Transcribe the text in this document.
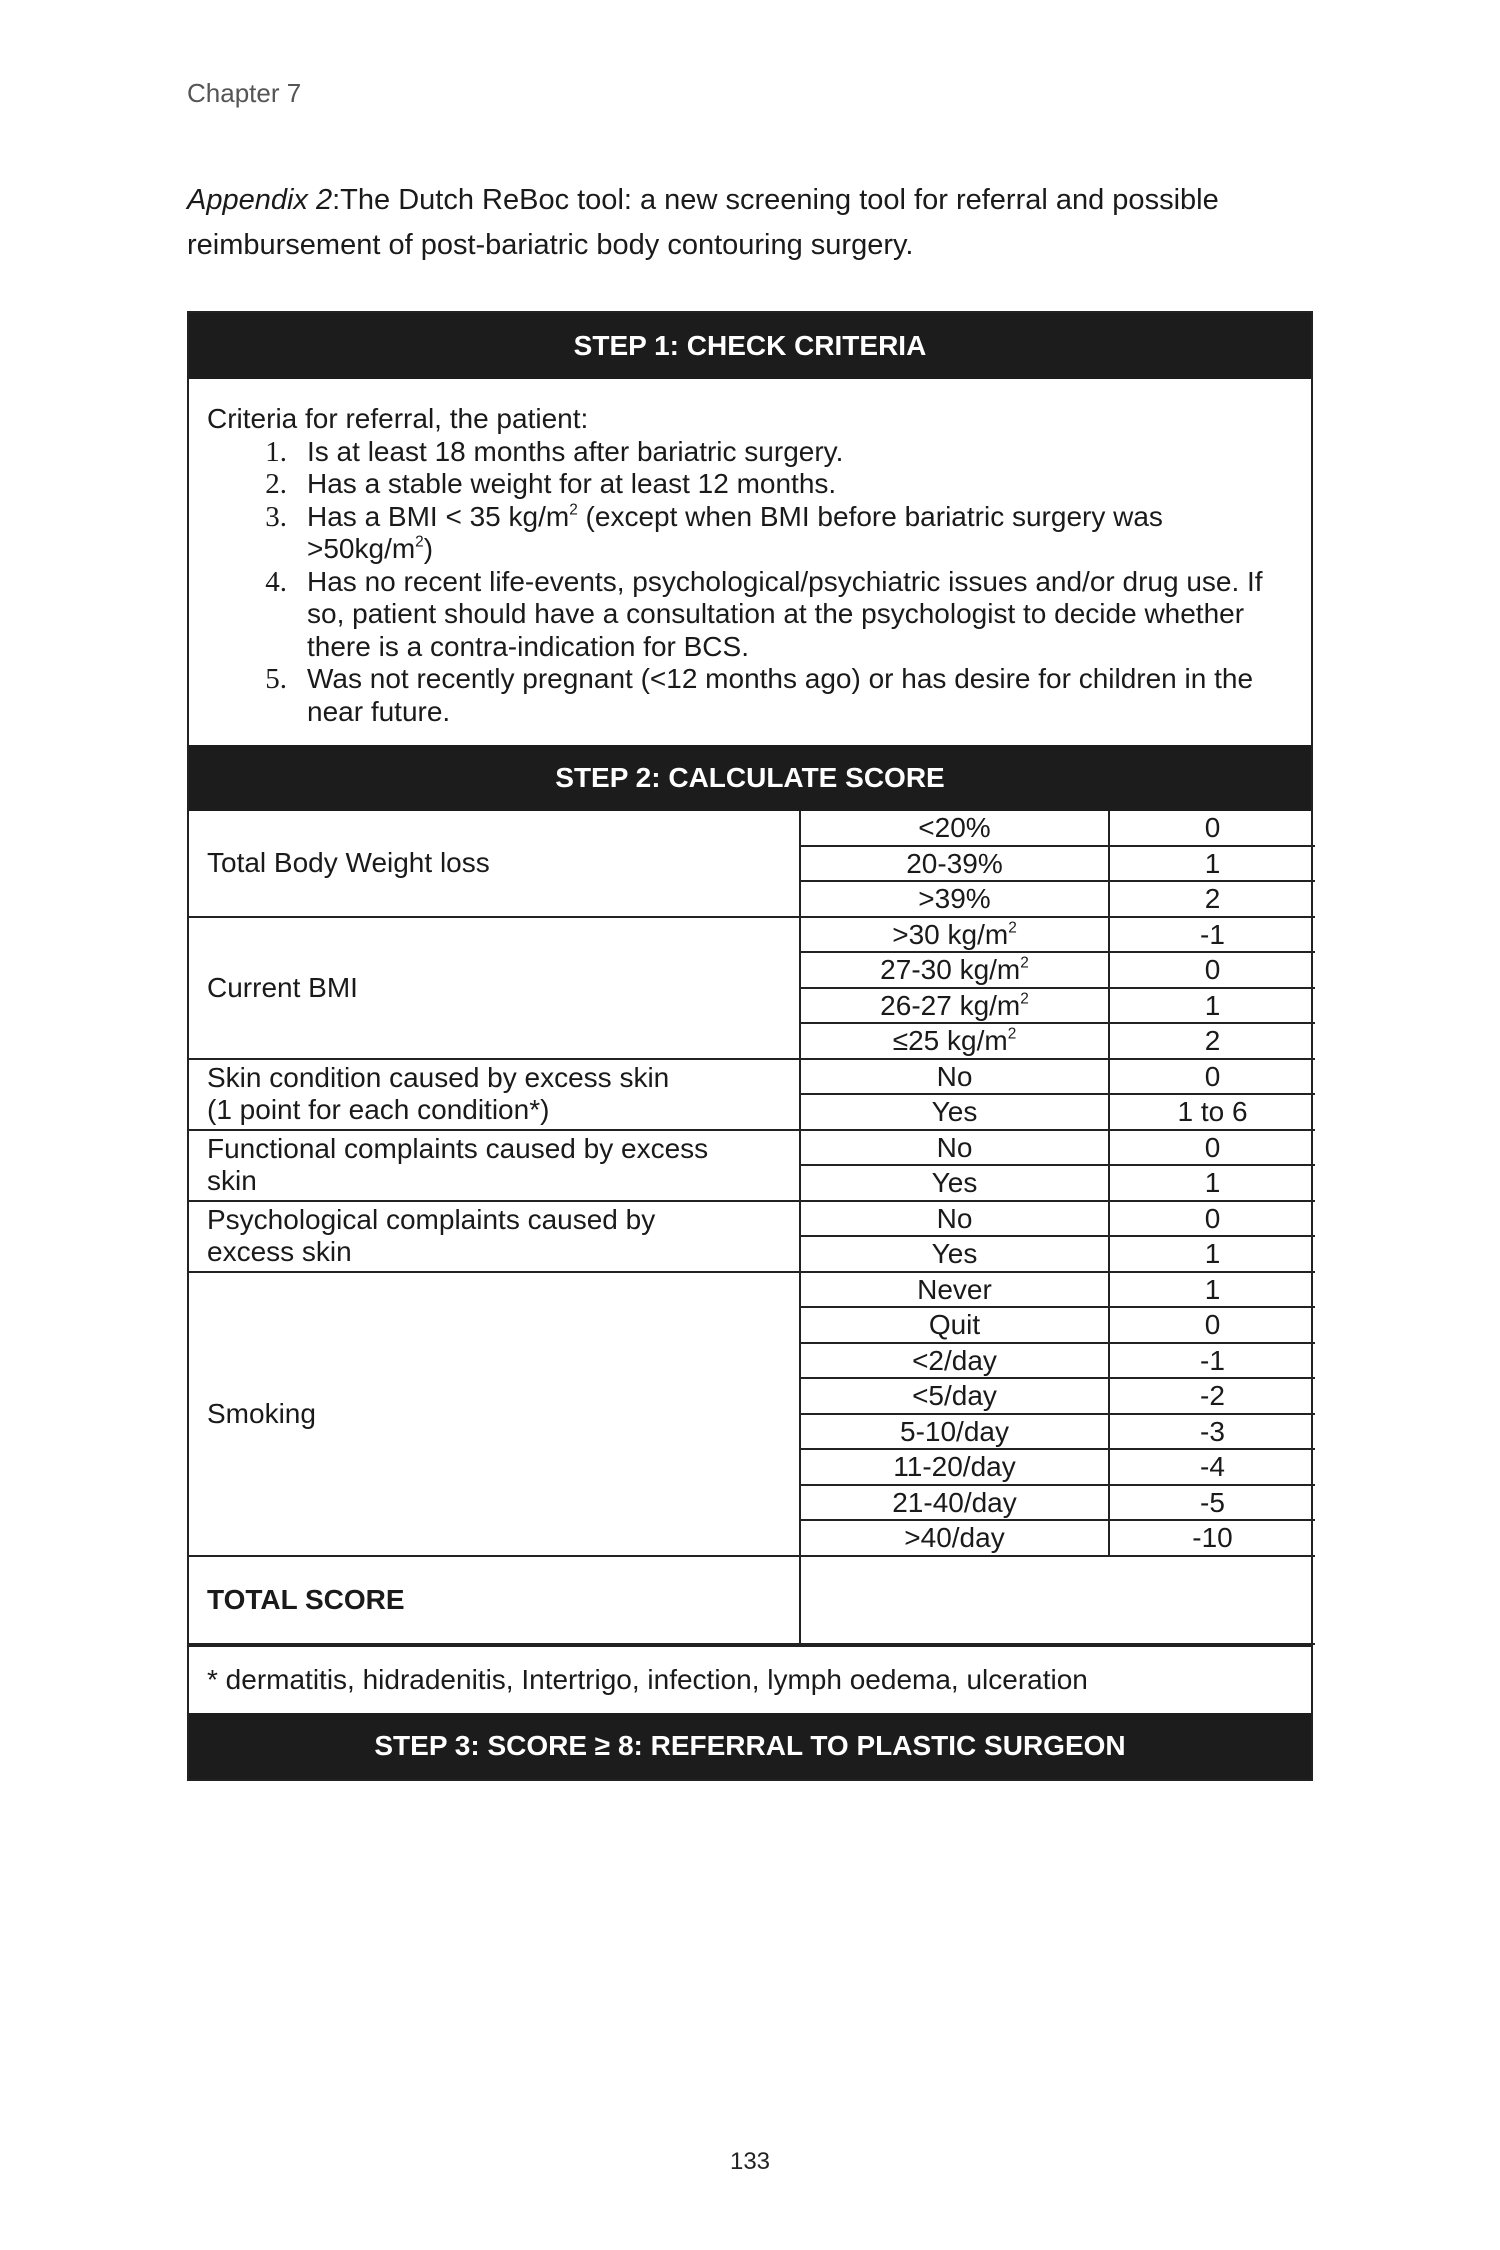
Chapter 7

Appendix 2:The Dutch ReBoc tool: a new screening tool for referral and possible reimbursement of post-bariatric body contouring surgery.

STEP 1: CHECK CRITERIA

Criteria for referral, the patient:

1. Is at least 18 months after bariatric surgery.
2. Has a stable weight for at least 12 months.
3. Has a BMI < 35 $kg/m^2$ (except when BMI before bariatric surgery was $>50kg/m^2$)
4. Has no recent life-events, psychological/psychiatric issues and/or drug use. If so, patient should have a consultation at the psychologist to decide whether there is a contra-indication for BCS.
5. Was not recently pregnant (<12 months ago) or has desire for children in the near future.
STEP 2: CALCULATE SCORE
Total Body Weight loss	<20%	0
	20-39%	1
	>39%	2
Current BMI	>30 $kg/m^2$	-1
	27-30 $kg/m^2$	0
	26-27 $kg/m^2$	1
	≤25 $kg/m^2$	2
Skin condition caused by excess skin
(1 point for each condition*)	No	0
	Yes	1 to 6
Functional complaints caused by excess
skin	No	0
	Yes	1
Psychological complaints caused by
excess skin	No	0
	Yes	1
Smoking	Never	1
	Quit	0
	<2/day	-1
	<5/day	-2
	5-10/day	-3
	11-20/day	-4
	21-40/day	-5
	>40/day	-10
TOTAL SCORE		
* dermatitis, hidradenitis, Intertrigo, infection, lymph oedema, ulceration
STEP 3: SCORE ≥ 8: REFERRAL TO PLASTIC SURGEON
133
